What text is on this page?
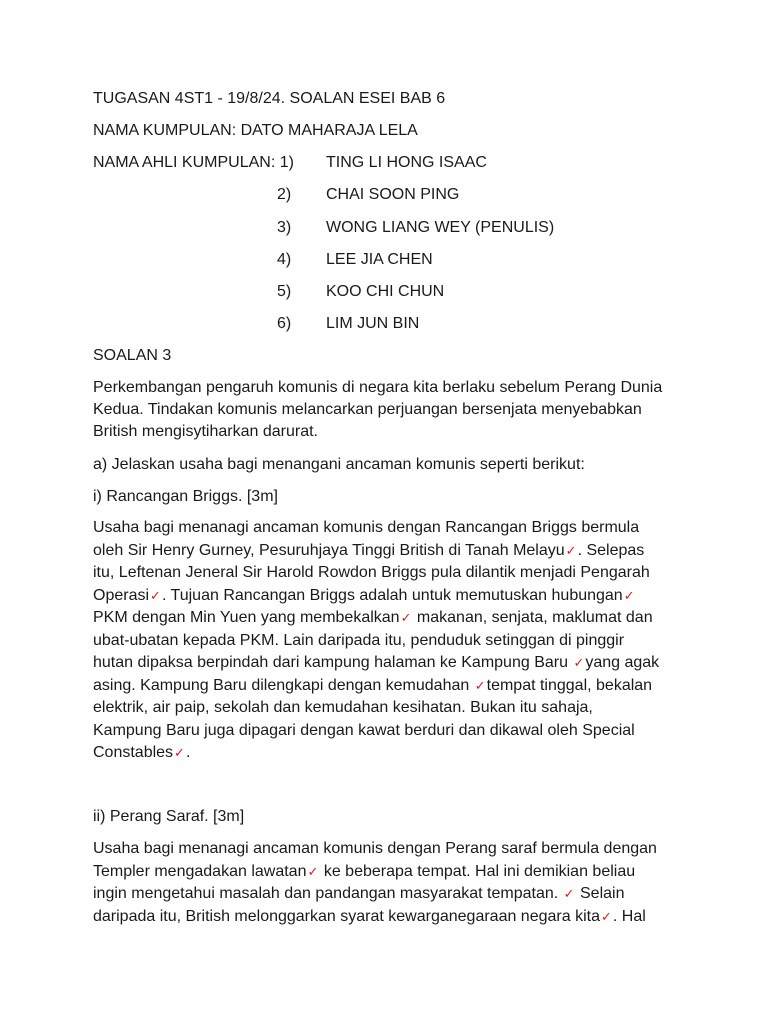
TUGASAN 4ST1 - 19/8/24. SOALAN ESEI BAB 6
NAMA KUMPULAN: DATO MAHARAJA LELA
NAMA AHLI KUMPULAN: 1) TING LI HONG ISAAC
2) CHAI SOON PING
3) WONG LIANG WEY (PENULIS)
4) LEE JIA CHEN
5) KOO CHI CHUN
6) LIM JUN BIN
SOALAN 3
Perkembangan pengaruh komunis di negara kita berlaku sebelum Perang Dunia
Kedua. Tindakan komunis melancarkan perjuangan bersenjata menyebabkan
British mengisytiharkan darurat.
a) Jelaskan usaha bagi menangani ancaman komunis seperti berikut:
i) Rancangan Briggs. [3m]
Usaha bagi menanagi ancaman komunis dengan Rancangan Briggs bermula
oleh Sir Henry Gurney, Pesuruhjaya Tinggi British di Tanah Melayu✓. Selepas
itu, Leftenan Jeneral Sir Harold Rowdon Briggs pula dilantik menjadi Pengarah
Operasi✓. Tujuan Rancangan Briggs adalah untuk memutuskan hubungan✓
PKM dengan Min Yuen yang membekalkan✓ makanan, senjata, maklumat dan
ubat-ubatan kepada PKM. Lain daripada itu, penduduk setinggan di pinggir
hutan dipaksa berpindah dari kampung halaman ke Kampung Baru ✓yang agak
asing. Kampung Baru dilengkapi dengan kemudahan ✓tempat tinggal, bekalan
elektrik, air paip, sekolah dan kemudahan kesihatan. Bukan itu sahaja,
Kampung Baru juga dipagari dengan kawat berduri dan dikawal oleh Special
Constables✓.
ii) Perang Saraf. [3m]
Usaha bagi menanagi ancaman komunis dengan Perang saraf bermula dengan
Templer mengadakan lawatan✓ ke beberapa tempat. Hal ini demikian beliau
ingin mengetahui masalah dan pandangan masyarakat tempatan. ✓ Selain
daripada itu, British melonggarkan syarat kewarganegaraan negara kita✓. Hal
